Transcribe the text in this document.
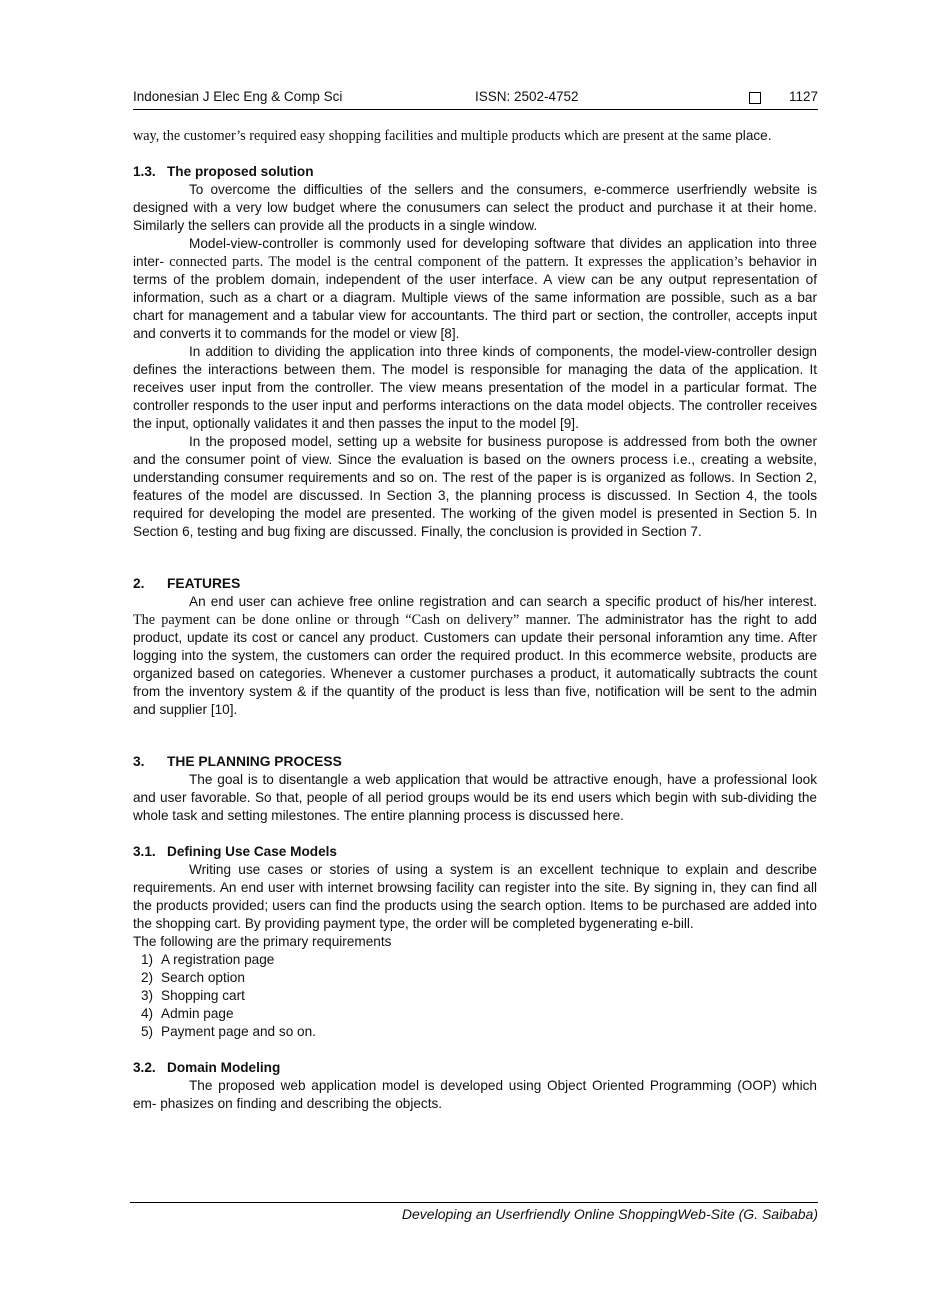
Indonesian J Elec Eng & Comp Sci	ISSN: 2502-4752	1127

way, the customer’s required easy shopping facilities and multiple products which are present at the same place.

1.3. The proposed solution

To overcome the difficulties of the sellers and the consumers, e-commerce userfriendly website is designed with a very low budget where the conusumers can select the product and purchase it at their home. Similarly the sellers can provide all the products in a single window.

Model-view-controller is commonly used for developing software that divides an application into three inter- connected parts. The model is the central component of the pattern. It expresses the application’s behavior in terms of the problem domain, independent of the user interface. A view can be any output representation of information, such as a chart or a diagram. Multiple views of the same information are possible, such as a bar chart for management and a tabular view for accountants. The third part or section, the controller, accepts input and converts it to commands for the model or view [8].

In addition to dividing the application into three kinds of components, the model-view-controller design defines the interactions between them. The model is responsible for managing the data of the application. It receives user input from the controller. The view means presentation of the model in a particular format. The controller responds to the user input and performs interactions on the data model objects. The controller receives the input, optionally validates it and then passes the input to the model [9].

In the proposed model, setting up a website for business puropose is addressed from both the owner and the consumer point of view. Since the evaluation is based on the owners process i.e., creating a website, understanding consumer requirements and so on. The rest of the paper is is organized as follows. In Section 2, features of the model are discussed. In Section 3, the planning process is discussed. In Section 4, the tools required for developing the model are presented. The working of the given model is presented in Section 5. In Section 6, testing and bug fixing are discussed. Finally, the conclusion is provided in Section 7.

2. FEATURES

An end user can achieve free online registration and can search a specific product of his/her interest. The payment can be done online or through “Cash on delivery” manner. The administrator has the right to add product, update its cost or cancel any product. Customers can update their personal inforamtion any time. After logging into the system, the customers can order the required product. In this ecommerce website, products are organized based on categories. Whenever a customer purchases a product, it automatically subtracts the count from the inventory system & if the quantity of the product is less than five, notification will be sent to the admin and supplier [10].

3. THE PLANNING PROCESS

The goal is to disentangle a web application that would be attractive enough, have a professional look and user favorable. So that, people of all period groups would be its end users which begin with sub-dividing the whole task and setting milestones. The entire planning process is discussed here.

3.1. Defining Use Case Models

Writing use cases or stories of using a system is an excellent technique to explain and describe requirements. An end user with internet browsing facility can register into the site. By signing in, they can find all the products provided; users can find the products using the search option. Items to be purchased are added into the shopping cart. By providing payment type, the order will be completed bygenerating e-bill.

The following are the primary requirements

1) A registration page
2) Search option
3) Shopping cart
4) Admin page
5) Payment page and so on.
3.2. Domain Modeling

The proposed web application model is developed using Object Oriented Programming (OOP) which em- phasizes on finding and describing the objects.

Developing an Userfriendly Online ShoppingWeb-Site (G. Saibaba)
